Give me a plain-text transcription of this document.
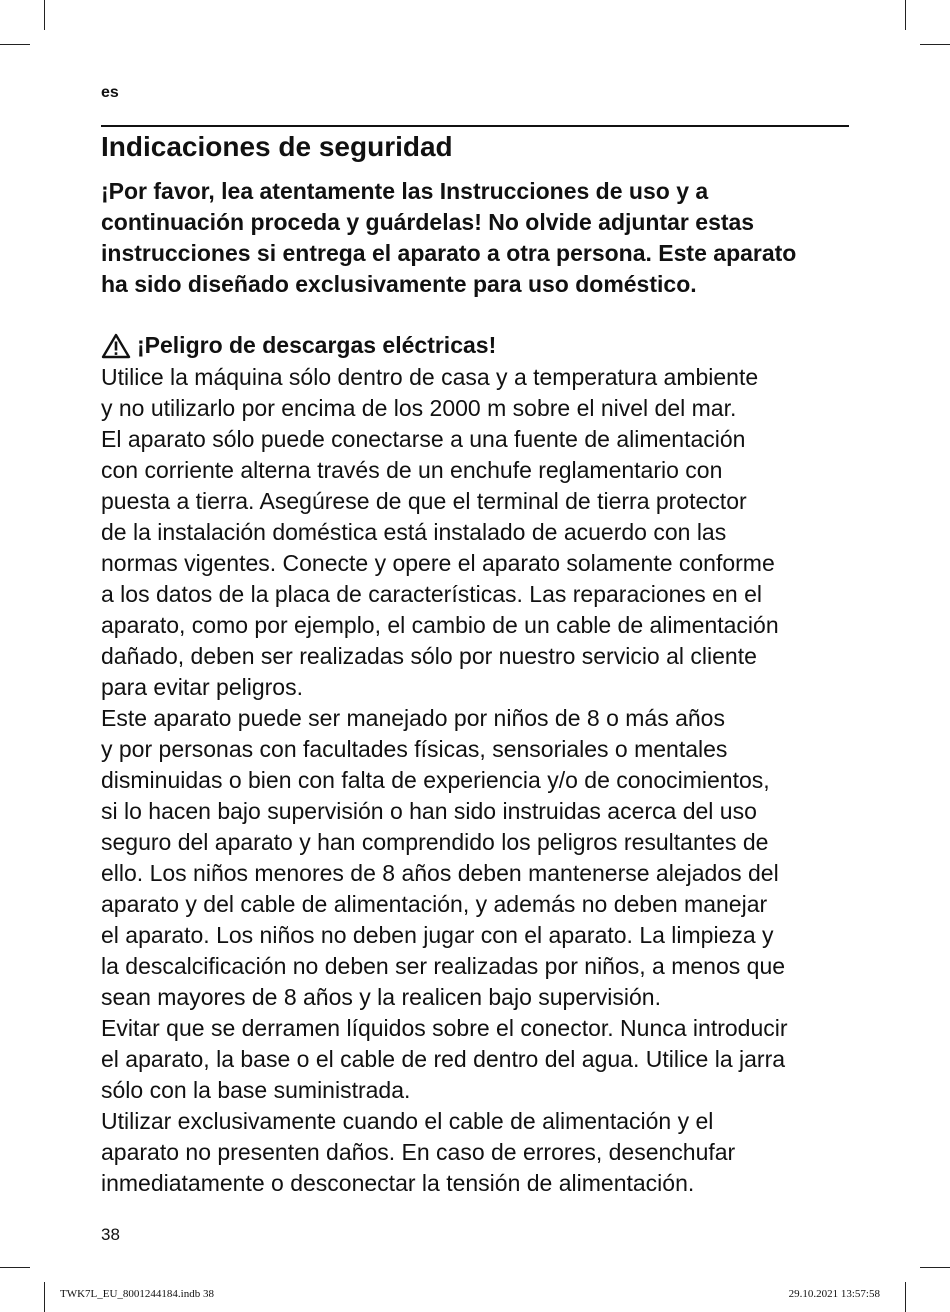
es
Indicaciones de seguridad
¡Por favor, lea atentamente las Instrucciones de uso y a
continuación proceda y guárdelas! No olvide adjuntar estas
instrucciones si entrega el aparato a otra persona. Este aparato
ha sido diseñado exclusivamente para uso doméstico.
¡Peligro de descargas eléctricas!
Utilice la máquina sólo dentro de casa y a temperatura ambiente
y no utilizarlo por encima de los 2000 m sobre el nivel del mar.
El aparato sólo puede conectarse a una fuente de alimentación
con corriente alterna través de un enchufe reglamentario con
puesta a tierra. Asegúrese de que el terminal de tierra protector
de la instalación doméstica está instalado de acuerdo con las
normas vigentes. Conecte y opere el aparato solamente conforme
a los datos de la placa de características. Las reparaciones en el
aparato, como por ejemplo, el cambio de un cable de alimentación
dañado, deben ser realizadas sólo por nuestro servicio al cliente
para evitar peligros.
Este aparato puede ser manejado por niños de 8 o más años
y por personas con facultades físicas, sensoriales o mentales
disminuidas o bien con falta de experiencia y/o de conocimientos,
si lo hacen bajo supervisión o han sido instruidas acerca del uso
seguro del aparato y han comprendido los peligros resultantes de
ello. Los niños menores de 8 años deben mantenerse alejados del
aparato y del cable de alimentación, y además no deben manejar
el aparato. Los niños no deben jugar con el aparato. La limpieza y
la descalcificación no deben ser realizadas por niños, a menos que
sean mayores de 8 años y la realicen bajo supervisión.
Evitar que se derramen líquidos sobre el conector. Nunca introducir
el aparato, la base o el cable de red dentro del agua. Utilice la jarra
sólo con la base suministrada.
Utilizar exclusivamente cuando el cable de alimentación y el
aparato no presenten daños. En caso de errores, desenchufar
inmediatamente o desconectar la tensión de alimentación.
38
TWK7L_EU_8001244184.indb 38	29.10.2021 13:57:58
